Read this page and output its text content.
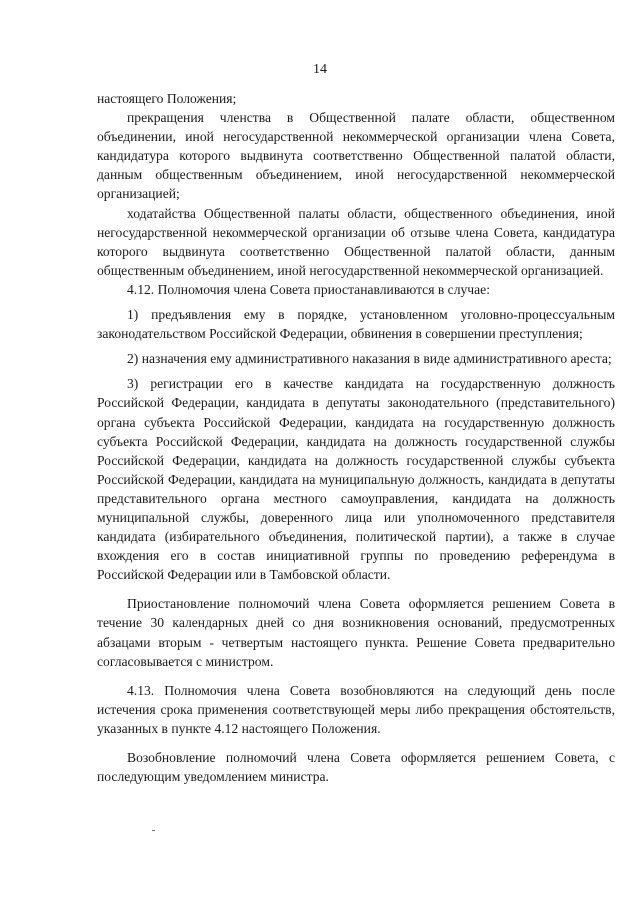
14

настоящего Положения;

прекращения членства в Общественной палате области, общественном объединении, иной негосударственной некоммерческой организации члена Совета, кандидатура которого выдвинута соответственно Общественной палатой области, данным общественным объединением, иной негосударственной некоммерческой организацией;

ходатайства Общественной палаты области, общественного объединения, иной негосударственной некоммерческой организации об отзыве члена Совета, кандидатура которого выдвинута соответственно Общественной палатой области, данным общественным объединением, иной негосударственной некоммерческой организацией.

4.12. Полномочия члена Совета приостанавливаются в случае:

1) предъявления ему в порядке, установленном уголовно-процессуальным законодательством Российской Федерации, обвинения в совершении преступления;

2) назначения ему административного наказания в виде административного ареста;

3) регистрации его в качестве кандидата на государственную должность Российской Федерации, кандидата в депутаты законодательного (представительного) органа субъекта Российской Федерации, кандидата на государственную должность субъекта Российской Федерации, кандидата на должность государственной службы Российской Федерации, кандидата на должность государственной службы субъекта Российской Федерации, кандидата на муниципальную должность, кандидата в депутаты представительного органа местного самоуправления, кандидата на должность муниципальной службы, доверенного лица или уполномоченного представителя кандидата (избирательного объединения, политической партии), а также в случае вхождения его в состав инициативной группы по проведению референдума в Российской Федерации или в Тамбовской области.

Приостановление полномочий члена Совета оформляется решением Совета в течение 30 календарных дней со дня возникновения оснований, предусмотренных абзацами вторым - четвертым настоящего пункта. Решение Совета предварительно согласовывается с министром.

4.13. Полномочия члена Совета возобновляются на следующий день после истечения срока применения соответствующей меры либо прекращения обстоятельств, указанных в пункте 4.12 настоящего Положения.

Возобновление полномочий члена Совета оформляется решением Совета, с последующим уведомлением министра.
